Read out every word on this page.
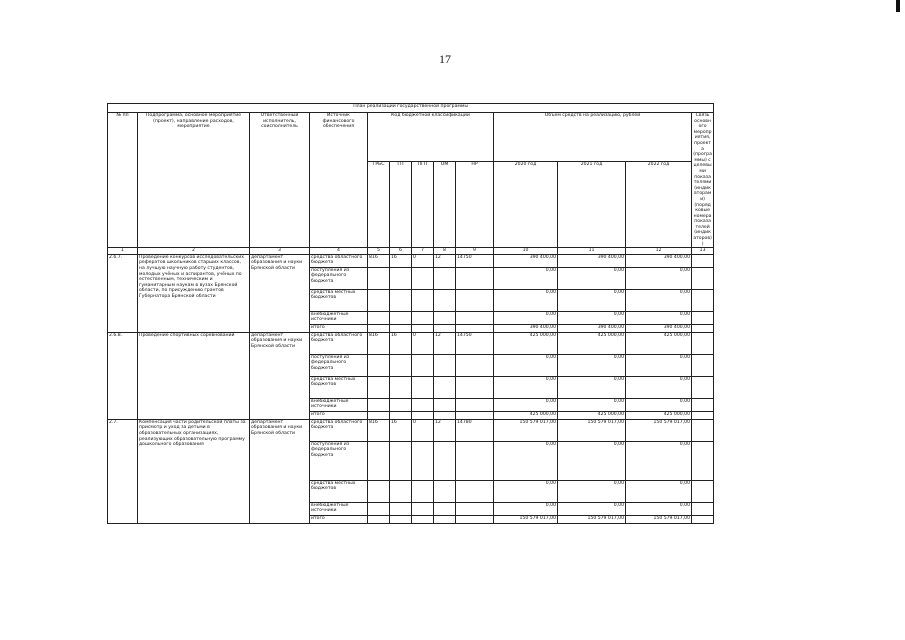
17
План реализации государственной программы												
№ пп	Подпрограмма, основное мероприятие (проект), направление расходов, мероприятие	Ответственный исполнитель, соисполнитель	Источник финансового обеспечения	Код бюджетной классификации					Объём средств на реализацию, рублей			Связь основного мероприятия, проекта (программы) с целевыми показателями (индикаторами) (порядковые номера показателей (индикаторов))
				ГРБС	ГП	ПГП	ОМ	НР	2020 год	2021 год	2022 год	
1	2	3	4	5	6	7	8	9	10	11	12	13
2.6.7.	Проведение конкурсов исследовательских рефератов школьников старших классов, на лучшую научную работу студентов, молодых учёных и аспирантов, учёных по естественным, техническим и гуманитарным наукам в вузах Брянской области, по присуждению грантов Губернатора Брянской области	департамент образования и науки Брянской области	средства областного бюджета	816	16	0	12	14750	390 400,00	390 400,00	390 400,00	
			поступления из федерального бюджета						0,00	0,00	0,00	
			средства местных бюджетов						0,00	0,00	0,00	
			внебюджетные источники						0,00	0,00	0,00	
			итого						390 400,00	390 400,00	390 400,00	
2.6.8.	Проведение спортивных соревнований	департамент образования и науки Брянской области	средства областного бюджета	816	16	0	12	14750	425 000,00	425 000,00	425 000,00	
			поступления из федерального бюджета						0,00	0,00	0,00	
			средства местных бюджетов						0,00	0,00	0,00	
			внебюджетные источники						0,00	0,00	0,00	
			итого						425 000,00	425 000,00	425 000,00	
2.7.	Компенсация части родительской платы за присмотр и уход за детьми в образовательных организациях, реализующих образовательную программу дошкольного образования	департамент образования и науки Брянской области	средства областного бюджета	816	16	0	12	14780	150 579 017,00	150 579 017,00	150 579 017,00	
			поступления из федерального бюджета						0,00	0,00	0,00	
			средства местных бюджетов						0,00	0,00	0,00	
			внебюджетные источники						0,00	0,00	0,00	
			итого						150 579 017,00	150 579 017,00	150 579 017,00	
